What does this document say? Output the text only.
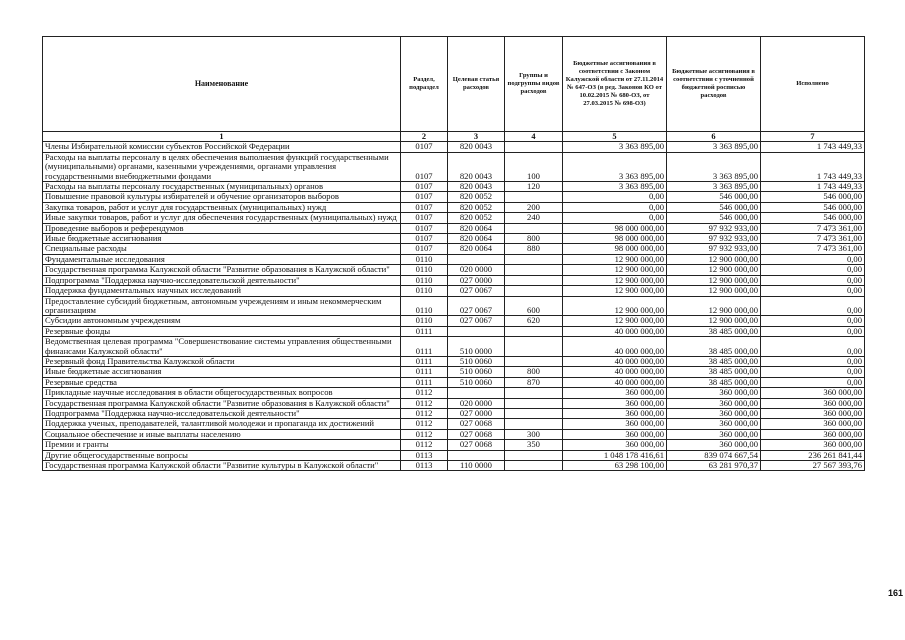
Наименование	Раздел, подраздел	Целевая статья расходов	Группы и подгруппы видов расходов	Бюджетные ассигнования в соответствии с Законом Калужской области от 27.11.2014 № 647-ОЗ (в ред. Законов КО от 10.02.2015 № 680-ОЗ, от 27.03.2015 № 698-ОЗ)	Бюджетные ассигнования в соответствии с уточненной бюджетной росписью расходов	Исполнено
1	2	3	4	5	6	7
Члены Избирательной комиссии субъектов Российской Федерации	0107	820 0043		3 363 895,00	3 363 895,00	1 743 449,33
Расходы на выплаты персоналу в целях обеспечения выполнения функций государственными (муниципальными) органами, казенными учреждениями, органами управления государственными внебюджетными фондами	0107	820 0043	100	3 363 895,00	3 363 895,00	1 743 449,33
Расходы на выплаты персоналу государственных (муниципальных) органов	0107	820 0043	120	3 363 895,00	3 363 895,00	1 743 449,33
Повышение правовой культуры избирателей и обучение организаторов выборов	0107	820 0052		0,00	546 000,00	546 000,00
Закупка товаров, работ и услуг для государственных (муниципальных) нужд	0107	820 0052	200	0,00	546 000,00	546 000,00
Иные закупки товаров, работ и услуг для обеспечения государственных (муниципальных) нужд	0107	820 0052	240	0,00	546 000,00	546 000,00
Проведение выборов и референдумов	0107	820 0064		98 000 000,00	97 932 933,00	7 473 361,00
Иные бюджетные ассигнования	0107	820 0064	800	98 000 000,00	97 932 933,00	7 473 361,00
Специальные расходы	0107	820 0064	880	98 000 000,00	97 932 933,00	7 473 361,00
Фундаментальные исследования	0110			12 900 000,00	12 900 000,00	0,00
Государственная программа Калужской области "Развитие образования в Калужской области"	0110	020 0000		12 900 000,00	12 900 000,00	0,00
Подпрограмма "Поддержка научно-исследовательской деятельности"	0110	027 0000		12 900 000,00	12 900 000,00	0,00
Поддержка фундаментальных научных исследований	0110	027 0067		12 900 000,00	12 900 000,00	0,00
Предоставление субсидий бюджетным, автономным учреждениям и иным некоммерческим организациям	0110	027 0067	600	12 900 000,00	12 900 000,00	0,00
Субсидии автономным учреждениям	0110	027 0067	620	12 900 000,00	12 900 000,00	0,00
Резервные фонды	0111			40 000 000,00	38 485 000,00	0,00
Ведомственная целевая программа "Совершенствование системы управления общественными финансами Калужской области"	0111	510 0000		40 000 000,00	38 485 000,00	0,00
Резервный фонд Правительства Калужской области	0111	510 0060		40 000 000,00	38 485 000,00	0,00
Иные бюджетные ассигнования	0111	510 0060	800	40 000 000,00	38 485 000,00	0,00
Резервные средства	0111	510 0060	870	40 000 000,00	38 485 000,00	0,00
Прикладные научные исследования в области общегосударственных вопросов	0112			360 000,00	360 000,00	360 000,00
Государственная программа Калужской области "Развитие образования в Калужской области"	0112	020 0000		360 000,00	360 000,00	360 000,00
Подпрограмма "Поддержка научно-исследовательской деятельности"	0112	027 0000		360 000,00	360 000,00	360 000,00
Поддержка ученых, преподавателей, талантливой молодежи и пропаганда их достижений	0112	027 0068		360 000,00	360 000,00	360 000,00
Социальное обеспечение и иные выплаты населению	0112	027 0068	300	360 000,00	360 000,00	360 000,00
Премии и гранты	0112	027 0068	350	360 000,00	360 000,00	360 000,00
Другие общегосударственные вопросы	0113			1 048 178 416,61	839 074 667,54	236 261 841,44
Государственная программа Калужской области "Развитие культуры в Калужской области"	0113	110 0000		63 298 100,00	63 281 970,37	27 567 393,76
161
